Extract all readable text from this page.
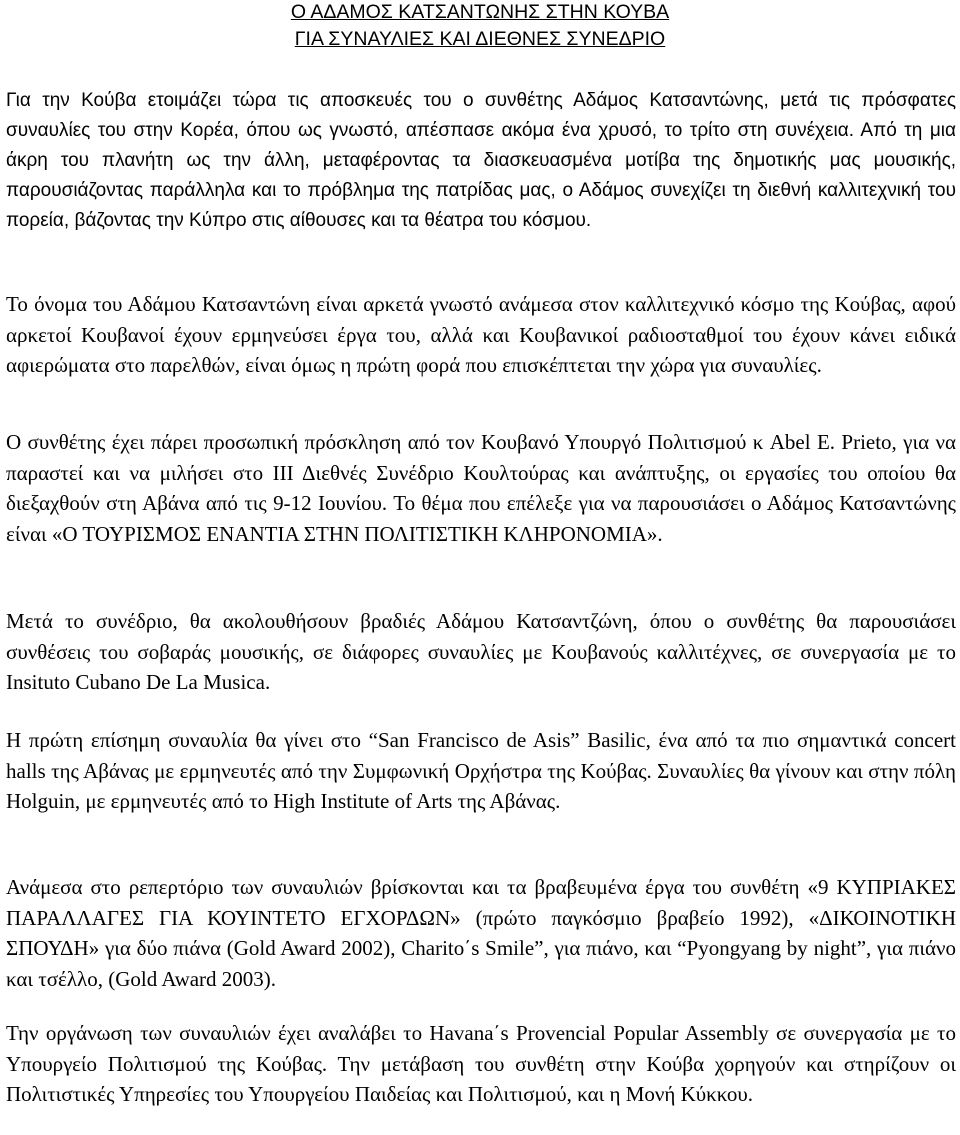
Ο ΑΔΑΜΟΣ ΚΑΤΣΑΝΤΩΝΗΣ ΣΤΗΝ ΚΟΥΒΑ
ΓΙΑ ΣΥΝΑΥΛΙΕΣ ΚΑΙ ΔΙΕΘΝΕΣ ΣΥΝΕΔΡΙΟ

Για την Κούβα ετοιμάζει τώρα τις αποσκευές του ο συνθέτης Αδάμος Κατσαντώνης, μετά τις πρόσφατες συναυλίες του στην Κορέα, όπου ως γνωστό, απέσπασε ακόμα ένα χρυσό, το τρίτο στη συνέχεια. Από τη μια άκρη του πλανήτη ως την άλλη, μεταφέροντας τα διασκευασμένα μοτίβα της δημοτικής μας μουσικής, παρουσιάζοντας παράλληλα και το πρόβλημα της πατρίδας μας, ο Αδάμος συνεχίζει τη διεθνή καλλιτεχνική του πορεία, βάζοντας την Κύπρο στις αίθουσες και τα θέατρα του κόσμου.

Το όνομα του Αδάμου Κατσαντώνη είναι αρκετά γνωστό ανάμεσα στον καλλιτεχνικό κόσμο της Κούβας, αφού αρκετοί Κουβανοί έχουν ερμηνεύσει έργα του, αλλά και Κουβανικοί ραδιοσταθμοί του έχουν κάνει ειδικά αφιερώματα στο παρελθών, είναι όμως η πρώτη φορά που επισκέπτεται την χώρα για συναυλίες.

Ο συνθέτης έχει πάρει προσωπική πρόσκληση από τον Κουβανό Υπουργό Πολιτισμού κ Abel E. Prieto, για να παραστεί και να μιλήσει στο ΙΙΙ Διεθνές Συνέδριο Κουλτούρας και ανάπτυξης, οι εργασίες του οποίου θα διεξαχθούν στη Αβάνα από τις 9-12 Ιουνίου. Το θέμα που επέλεξε για να παρουσιάσει ο Αδάμος Κατσαντώνης είναι «Ο ΤΟΥΡΙΣΜΟΣ ΕΝΑΝΤΙΑ ΣΤΗΝ ΠΟΛΙΤΙΣΤΙΚΗ ΚΛΗΡΟΝΟΜΙΑ».

Μετά το συνέδριο, θα ακολουθήσουν βραδιές Αδάμου Κατσαντζώνη, όπου ο συνθέτης θα παρουσιάσει συνθέσεις του σοβαράς μουσικής, σε διάφορες συναυλίες με Κουβανούς καλλιτέχνες, σε συνεργασία με το Insituto Cubano De La Musica.

Η πρώτη επίσημη συναυλία θα γίνει στο “San Francisco de Asis” Basilic, ένα από τα πιο σημαντικά concert halls της Αβάνας με ερμηνευτές από την Συμφωνική Ορχήστρα της Κούβας. Συναυλίες θα γίνουν και στην πόλη Holguin, με ερμηνευτές από το High Institute of Arts της Αβάνας.

Ανάμεσα στο ρεπερτόριο των συναυλιών βρίσκονται και τα βραβευμένα έργα του συνθέτη «9 ΚΥΠΡΙΑΚΕΣ ΠΑΡΑΛΛΑΓΕΣ ΓΙΑ ΚΟΥΙΝΤΕΤΟ ΕΓΧΟΡΔΩΝ» (πρώτο παγκόσμιο βραβείο 1992), «ΔΙΚΟΙΝΟΤΙΚΗ ΣΠΟΥΔΗ» για δύο πιάνα (Gold Award 2002), Charito΄s Smile”, για πιάνο, και “Pyongyang by night”, για πιάνο και τσέλλο, (Gold Award 2003).

Την οργάνωση των συναυλιών έχει αναλάβει το Havana΄s Provencial Popular Assembly σε συνεργασία με το Υπουργείο Πολιτισμού της Κούβας. Την μετάβαση του συνθέτη στην Κούβα χορηγούν και στηρίζουν οι Πολιτιστικές Υπηρεσίες του Υπουργείου Παιδείας και Πολιτισμού, και η Μονή Κύκκου.
